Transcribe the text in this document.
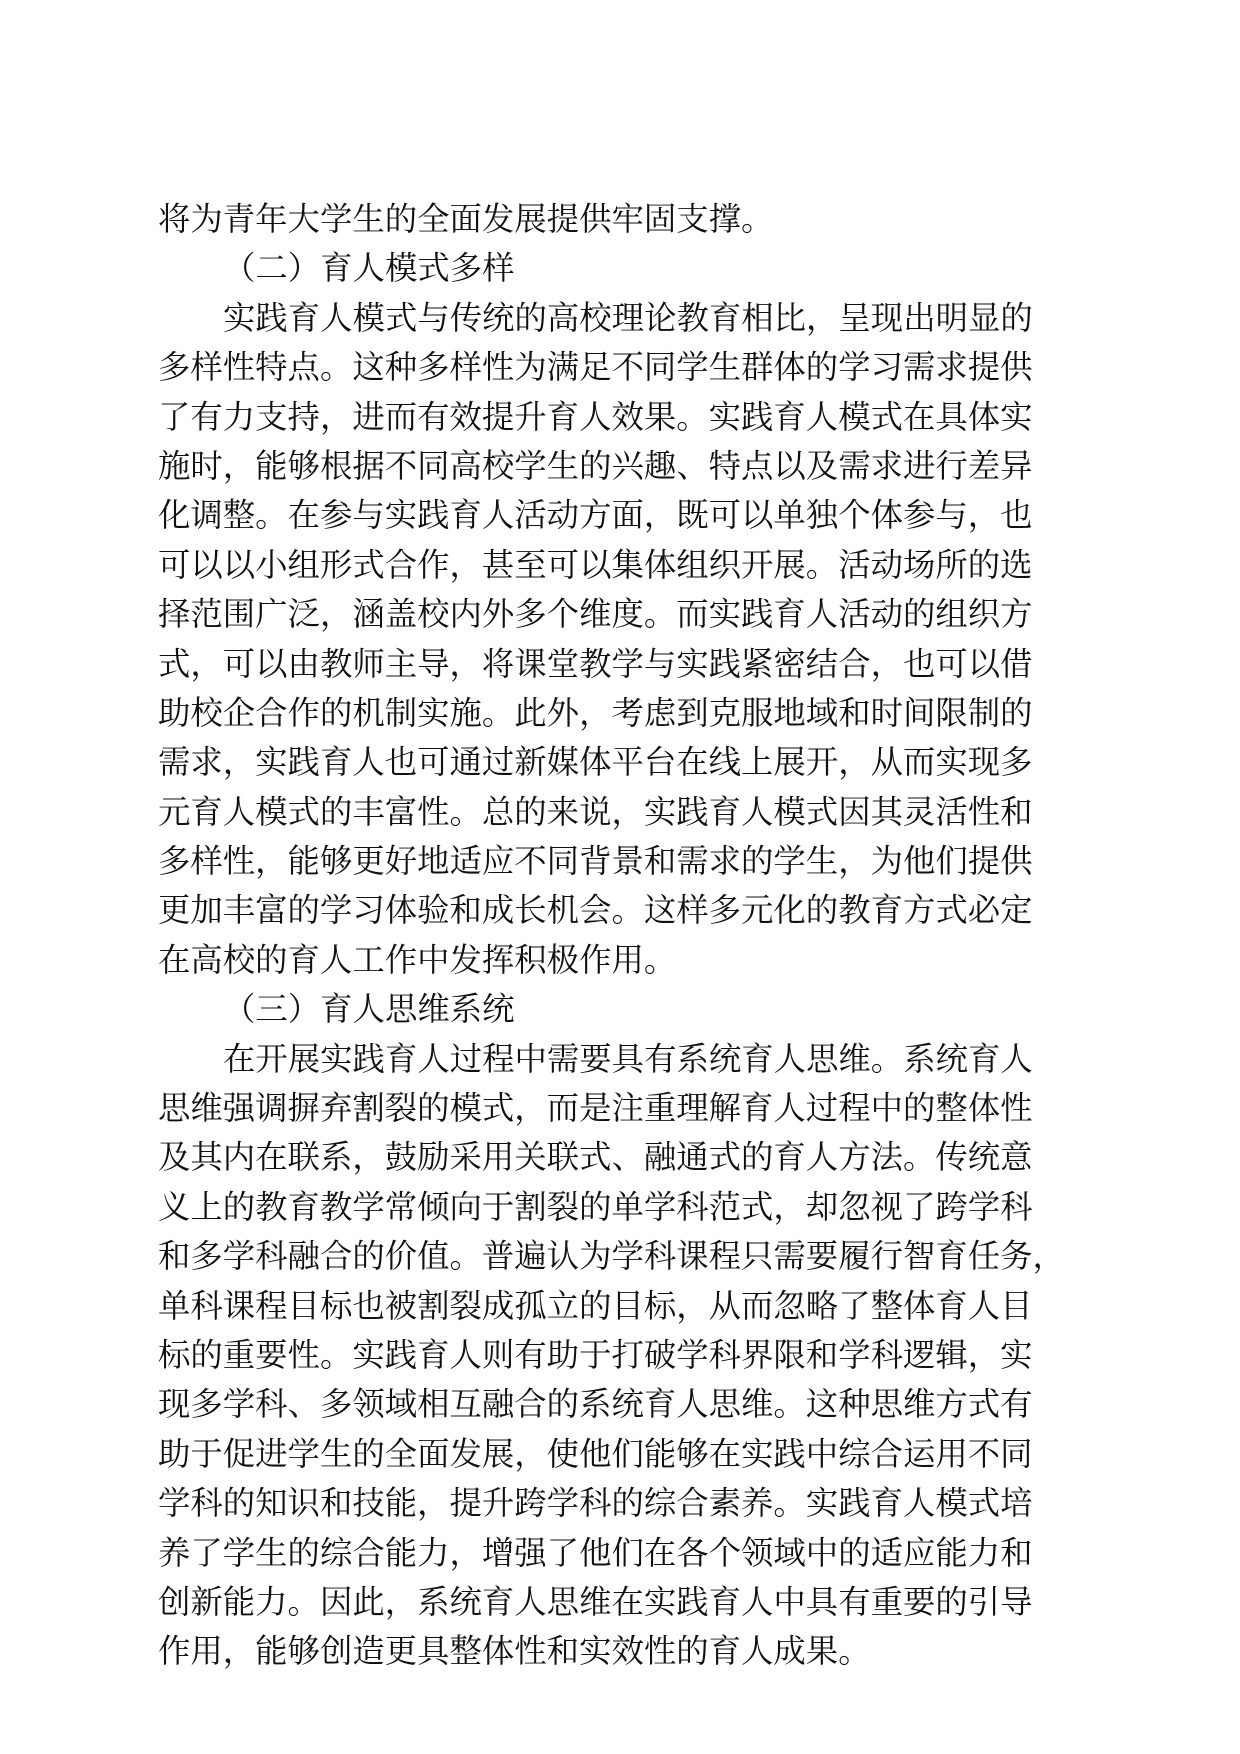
将为青年大学生的全面发展提供牢固支撑。
（二）育人模式多样
实践育人模式与传统的高校理论教育相比，呈现出明显的
多样性特点。这种多样性为满足不同学生群体的学习需求提供
了有力支持，进而有效提升育人效果。实践育人模式在具体实
施时，能够根据不同高校学生的兴趣、特点以及需求进行差异
化调整。在参与实践育人活动方面，既可以单独个体参与，也
可以以小组形式合作，甚至可以集体组织开展。活动场所的选
择范围广泛，涵盖校内外多个维度。而实践育人活动的组织方
式，可以由教师主导，将课堂教学与实践紧密结合，也可以借
助校企合作的机制实施。此外，考虑到克服地域和时间限制的
需求，实践育人也可通过新媒体平台在线上展开，从而实现多
元育人模式的丰富性。总的来说，实践育人模式因其灵活性和
多样性，能够更好地适应不同背景和需求的学生，为他们提供
更加丰富的学习体验和成长机会。这样多元化的教育方式必定
在高校的育人工作中发挥积极作用。
（三）育人思维系统
在开展实践育人过程中需要具有系统育人思维。系统育人
思维强调摒弃割裂的模式，而是注重理解育人过程中的整体性
及其内在联系，鼓励采用关联式、融通式的育人方法。传统意
义上的教育教学常倾向于割裂的单学科范式，却忽视了跨学科
和多学科融合的价值。普遍认为学科课程只需要履行智育任务，
单科课程目标也被割裂成孤立的目标，从而忽略了整体育人目
标的重要性。实践育人则有助于打破学科界限和学科逻辑，实
现多学科、多领域相互融合的系统育人思维。这种思维方式有
助于促进学生的全面发展，使他们能够在实践中综合运用不同
学科的知识和技能，提升跨学科的综合素养。实践育人模式培
养了学生的综合能力，增强了他们在各个领域中的适应能力和
创新能力。因此，系统育人思维在实践育人中具有重要的引导
作用，能够创造更具整体性和实效性的育人成果。
